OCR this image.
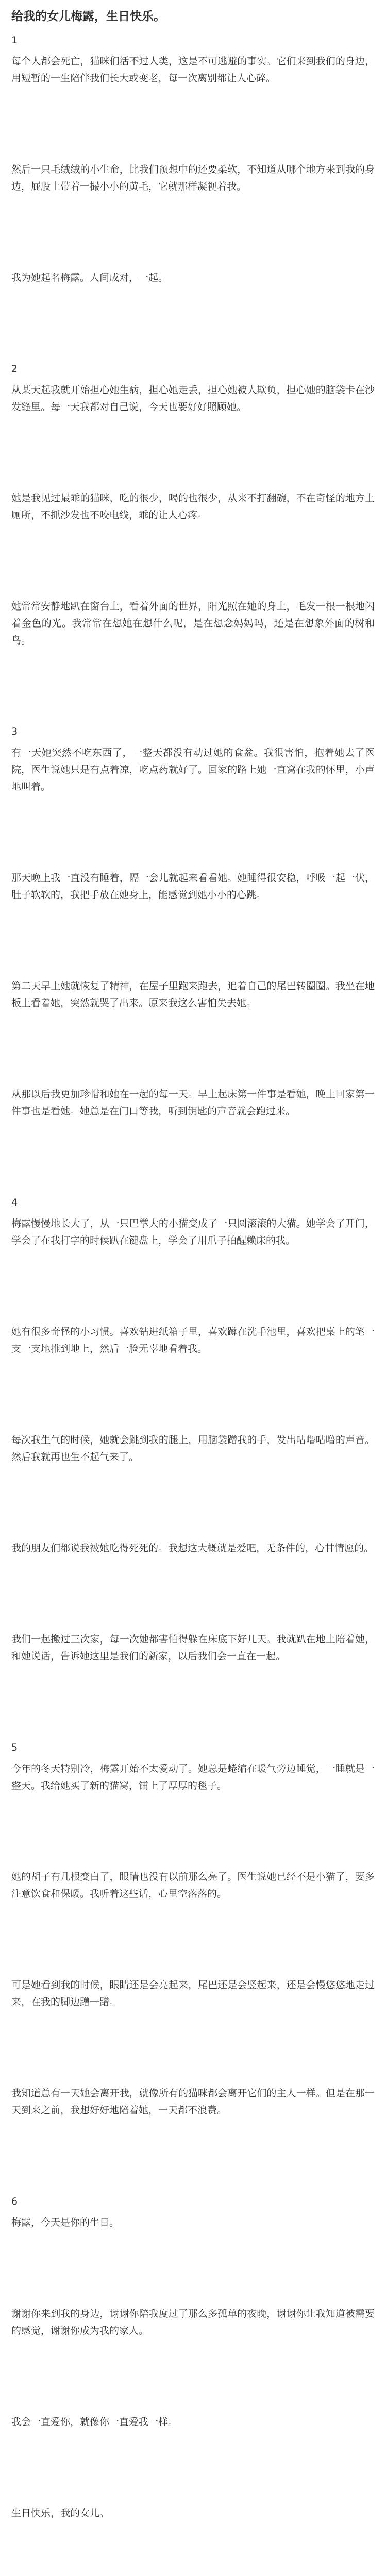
给我的女儿梅露，生日快乐。
1
每个人都会死亡，猫咪们活不过人类，这是不可逃避的事实。它们来到我们的身边，用短暂的一生陪伴我们长大或变老，每一次离别都让人心碎。
然后一只毛绒绒的小生命，比我们预想中的还要柔软，不知道从哪个地方来到我的身边，屁股上带着一撮小小的黄毛，它就那样凝视着我。
我为她起名梅露。人间成对，一起。
2
从某天起我就开始担心她生病，担心她走丢，担心她被人欺负，担心她的脑袋卡在沙发缝里。每一天我都对自己说，今天也要好好照顾她。
她是我见过最乖的猫咪，吃的很少，喝的也很少，从来不打翻碗，不在奇怪的地方上厕所，不抓沙发也不咬电线，乖的让人心疼。
她常常安静地趴在窗台上，看着外面的世界，阳光照在她的身上，毛发一根一根地闪着金色的光。我常常在想她在想什么呢，是在想念妈妈吗，还是在想象外面的树和鸟。
3
有一天她突然不吃东西了，一整天都没有动过她的食盆。我很害怕，抱着她去了医院，医生说她只是有点着凉，吃点药就好了。回家的路上她一直窝在我的怀里，小声地叫着。
那天晚上我一直没有睡着，隔一会儿就起来看看她。她睡得很安稳，呼吸一起一伏，肚子软软的，我把手放在她身上，能感觉到她小小的心跳。
第二天早上她就恢复了精神，在屋子里跑来跑去，追着自己的尾巴转圈圈。我坐在地板上看着她，突然就哭了出来。原来我这么害怕失去她。
从那以后我更加珍惜和她在一起的每一天。早上起床第一件事是看她，晚上回家第一件事也是看她。她总是在门口等我，听到钥匙的声音就会跑过来。
4
梅露慢慢地长大了，从一只巴掌大的小猫变成了一只圆滚滚的大猫。她学会了开门，学会了在我打字的时候趴在键盘上，学会了用爪子拍醒赖床的我。
她有很多奇怪的小习惯。喜欢钻进纸箱子里，喜欢蹲在洗手池里，喜欢把桌上的笔一支一支地推到地上，然后一脸无辜地看着我。
每次我生气的时候，她就会跳到我的腿上，用脑袋蹭我的手，发出咕噜咕噜的声音。然后我就再也生不起气来了。
我的朋友们都说我被她吃得死死的。我想这大概就是爱吧，无条件的，心甘情愿的。
我们一起搬过三次家，每一次她都害怕得躲在床底下好几天。我就趴在地上陪着她，和她说话，告诉她这里是我们的新家，以后我们会一直在一起。
5
今年的冬天特别冷，梅露开始不太爱动了。她总是蜷缩在暖气旁边睡觉，一睡就是一整天。我给她买了新的猫窝，铺上了厚厚的毯子。
她的胡子有几根变白了，眼睛也没有以前那么亮了。医生说她已经不是小猫了，要多注意饮食和保暖。我听着这些话，心里空落落的。
可是她看到我的时候，眼睛还是会亮起来，尾巴还是会竖起来，还是会慢悠悠地走过来，在我的脚边蹭一蹭。
我知道总有一天她会离开我，就像所有的猫咪都会离开它们的主人一样。但是在那一天到来之前，我想好好地陪着她，一天都不浪费。
6
梅露，今天是你的生日。
谢谢你来到我的身边，谢谢你陪我度过了那么多孤单的夜晚，谢谢你让我知道被需要的感觉，谢谢你成为我的家人。
我会一直爱你，就像你一直爱我一样。
生日快乐，我的女儿。
